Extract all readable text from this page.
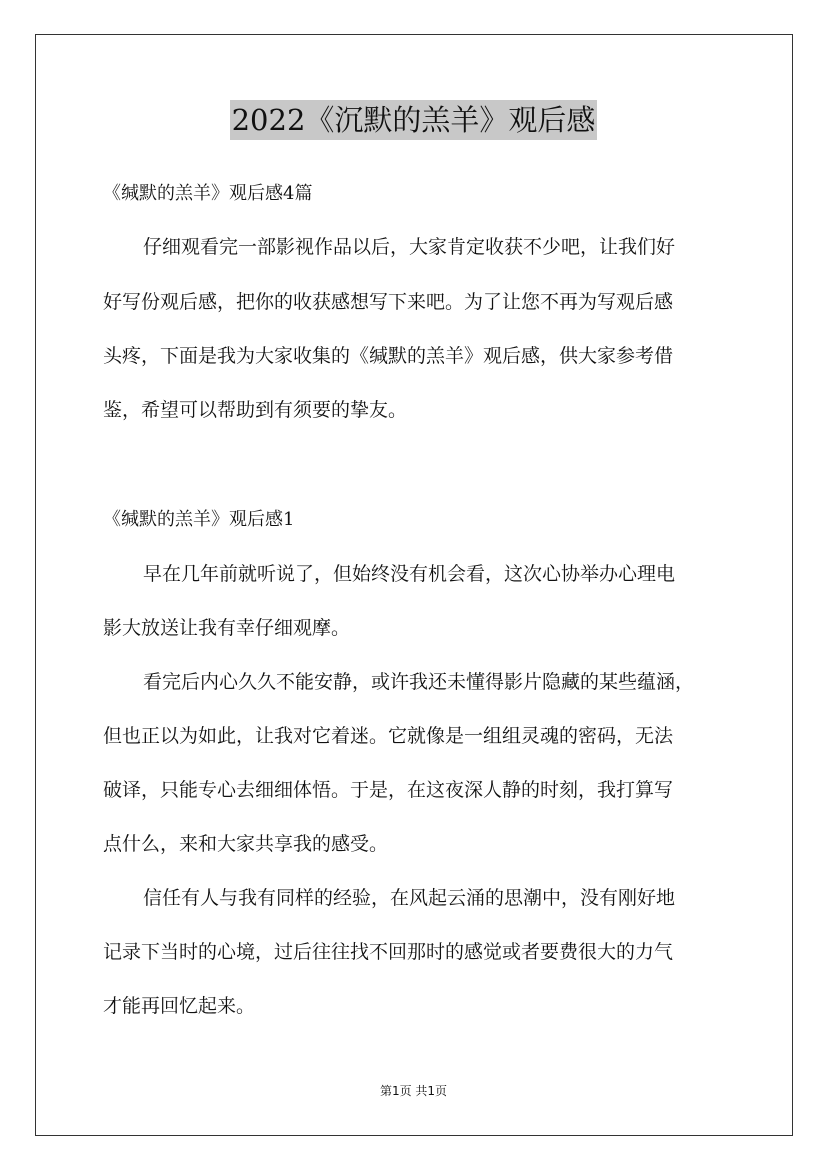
2022《沉默的羔羊》观后感
《缄默的羔羊》观后感4篇
仔细观看完一部影视作品以后，大家肯定收获不少吧，让我们好
好写份观后感，把你的收获感想写下来吧。为了让您不再为写观后感
头疼，下面是我为大家收集的《缄默的羔羊》观后感，供大家参考借
鉴，希望可以帮助到有须要的挚友。
《缄默的羔羊》观后感1
早在几年前就听说了，但始终没有机会看，这次心协举办心理电
影大放送让我有幸仔细观摩。
看完后内心久久不能安静，或许我还未懂得影片隐藏的某些蕴涵，
但也正以为如此，让我对它着迷。它就像是一组组灵魂的密码，无法
破译，只能专心去细细体悟。于是，在这夜深人静的时刻，我打算写
点什么，来和大家共享我的感受。
信任有人与我有同样的经验，在风起云涌的思潮中，没有刚好地
记录下当时的心境，过后往往找不回那时的感觉或者要费很大的力气
才能再回忆起来。
第1页 共1页
